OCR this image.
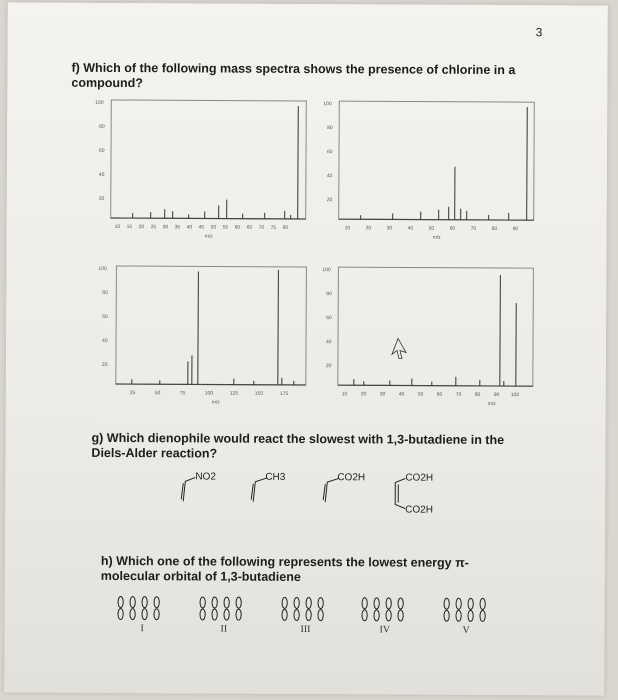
3
f) Which of the following mass spectra shows the presence of chlorine in a compound?
100
80
60
40
20
10 15 20 25 30 35 40 45 50 55 60 65 70 75 80
m/z
100
80
60
40
20
10	20	30	40	50	60	70	80	90
m/z
100
80
60
40
20
25	50	75	100	125	150	175
m/z
100
80
60
40
20
10	20	30	40	50	60	70	80	90 100
m/z
g) Which dienophile would react the slowest with 1,3-butadiene in the Diels-Alder reaction?
NO2	CH3	CO2H	CO2H
CO2H
h) Which one of the following represents the lowest energy π-molecular orbital of 1,3-butadiene
I	II	III	IV	V
